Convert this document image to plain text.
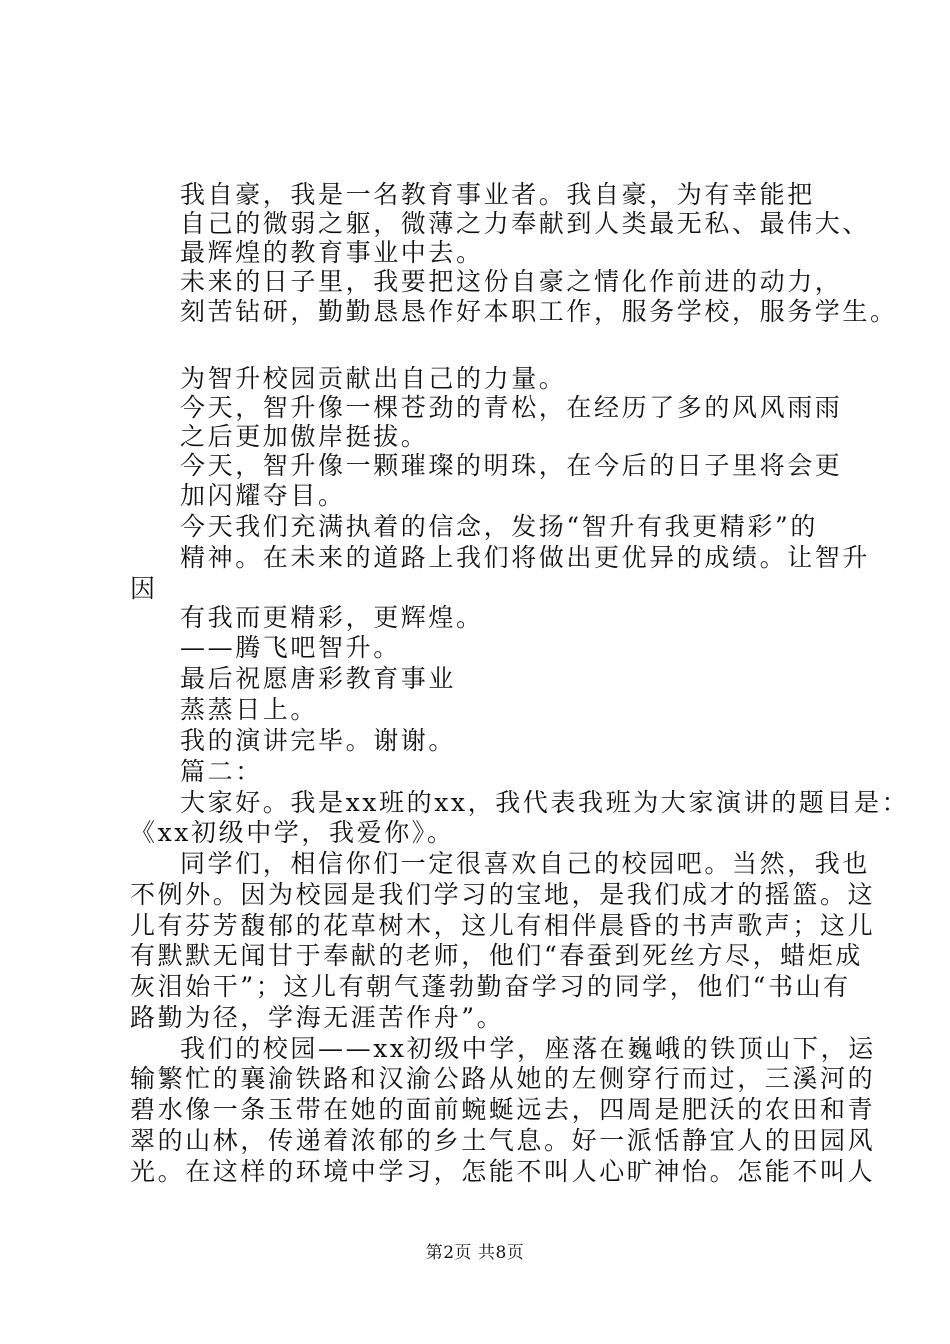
我自豪，我是一名教育事业者。我自豪，为有幸能把
自己的微弱之躯，微薄之力奉献到人类最无私、最伟大、
最辉煌的教育事业中去。
未来的日子里，我要把这份自豪之情化作前进的动力，
刻苦钻研，勤勤恳恳作好本职工作，服务学校，服务学生。
为智升校园贡献出自己的力量。
今天，智升像一棵苍劲的青松，在经历了多的风风雨雨
之后更加傲岸挺拔。
今天，智升像一颗璀璨的明珠，在今后的日子里将会更
加闪耀夺目。
今天我们充满执着的信念，发扬“智升有我更精彩”的
精神。在未来的道路上我们将做出更优异的成绩。让智升
因
有我而更精彩，更辉煌。
——腾飞吧智升。
最后祝愿唐彩教育事业
蒸蒸日上。
我的演讲完毕。谢谢。
篇二：
大家好。我是xx班的xx，我代表我班为大家演讲的题目是：
《xx初级中学，我爱你》。
同学们，相信你们一定很喜欢自己的校园吧。当然，我也
不例外。因为校园是我们学习的宝地，是我们成才的摇篮。这
儿有芬芳馥郁的花草树木，这儿有相伴晨昏的书声歌声；这儿
有默默无闻甘于奉献的老师，他们“春蚕到死丝方尽，蜡炬成
灰泪始干”；这儿有朝气蓬勃勤奋学习的同学，他们“书山有
路勤为径，学海无涯苦作舟”。
我们的校园——xx初级中学，座落在巍峨的铁顶山下，运
输繁忙的襄渝铁路和汉渝公路从她的左侧穿行而过，三溪河的
碧水像一条玉带在她的面前蜿蜒远去，四周是肥沃的农田和青
翠的山林，传递着浓郁的乡土气息。好一派恬静宜人的田园风
光。在这样的环境中学习，怎能不叫人心旷神怡。怎能不叫人
第2页 共8页
